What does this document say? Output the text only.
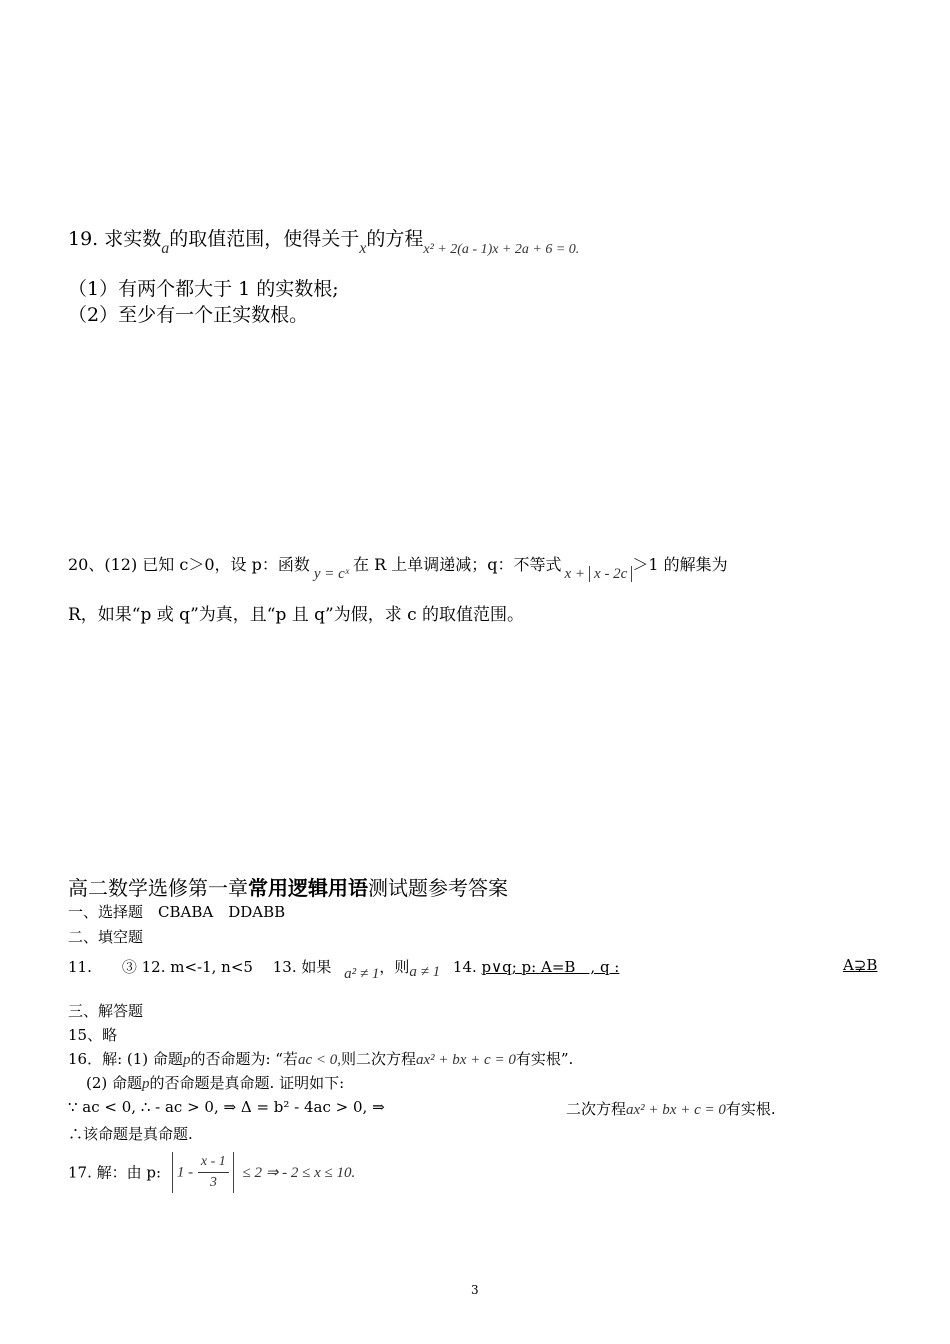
19. 求实数$_a$的取值范围，使得关于$_x$的方程$_{x^2 + 2(a - 1)x + 2a + 6 = 0.}$
（1）有两个都大于 1 的实数根;
（2）至少有一个正实数根。
20、(12) 已知 c＞0，设 p：函数 $_{y = cˣ}$ 在 R 上单调递减；q：不等式 $_{x +}$ $_{x - 2c}$ ＞1 的解集为
R，如果“p 或 q”为真，且“p 且 q”为假，求 c 的取值范围。
高二数学选修第一章常用逻辑用语测试题参考答案
一、选择题　CBABA　DDABB
二、填空题
11.　　③ 12. m<-1, n<5　 13. 如果 a² ≠ 1，则a ≠ 1 14. p∨q; p: A=B　, q :	A⊋B
三、解答题
15、略
16．解: (1) 命题p的否命题为: “若ac < 0,则二次方程ax² + bx + c = 0有实根”.
(2) 命题p的否命题是真命题. 证明如下:
∵ ac < 0, ∴ - ac > 0, ⇒ Δ = b² - 4ac > 0, ⇒	二次方程ax² + bx + c = 0有实根.
∴该命题是真命题.
17. 解：由 p: $1 - \frac{x - 1}{3} \le 2$ ⇒ - 2 ≤ x ≤ 10.
3
